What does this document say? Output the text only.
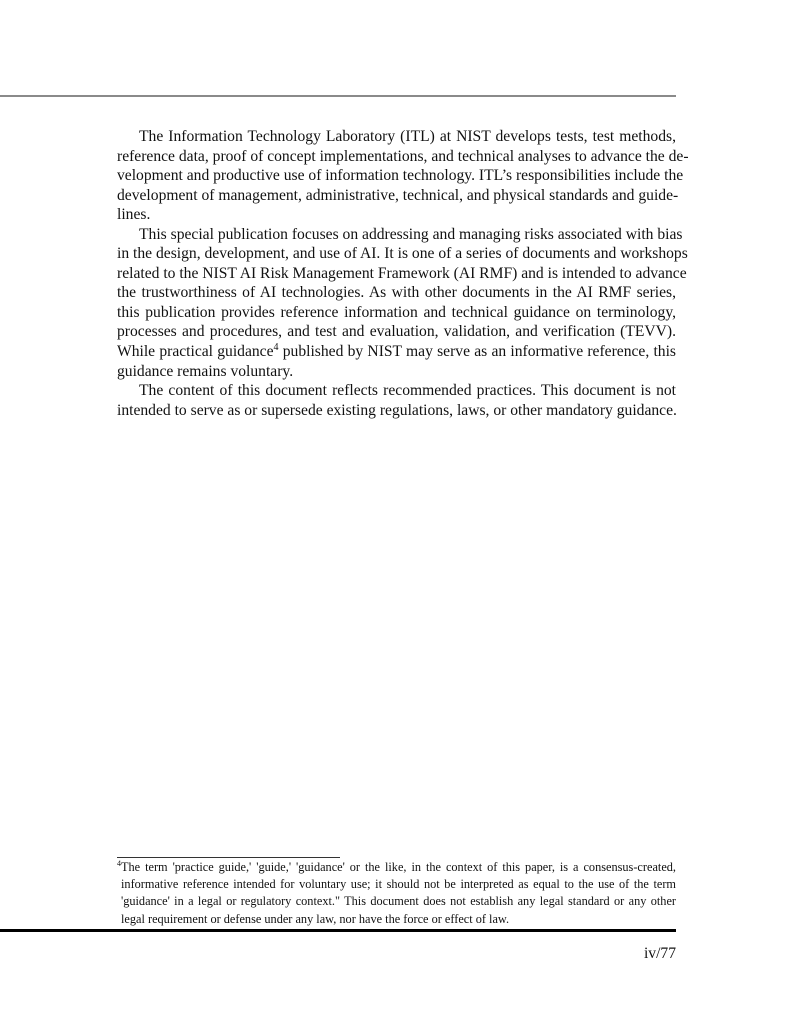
The Information Technology Laboratory (ITL) at NIST develops tests, test methods,
reference data, proof of concept implementations, and technical analyses to advance the de-
velopment and productive use of information technology. ITL’s responsibilities include the
development of management, administrative, technical, and physical standards and guide-
lines.
This special publication focuses on addressing and managing risks associated with bias
in the design, development, and use of AI. It is one of a series of documents and workshops
related to the NIST AI Risk Management Framework (AI RMF) and is intended to advance
the trustworthiness of AI technologies. As with other documents in the AI RMF series,
this publication provides reference information and technical guidance on terminology,
processes and procedures, and test and evaluation, validation, and verification (TEVV).
While practical guidance$^4$ published by NIST may serve as an informative reference, this
guidance remains voluntary.
The content of this document reflects recommended practices. This document is not
intended to serve as or supersede existing regulations, laws, or other mandatory guidance.
$^4$The term 'practice guide,' 'guide,' 'guidance' or the like, in the context of this paper, is a consensus-created,
informative reference intended for voluntary use; it should not be interpreted as equal to the use of the term
'guidance' in a legal or regulatory context." This document does not establish any legal standard or any other
legal requirement or defense under any law, nor have the force or effect of law.
iv/77
